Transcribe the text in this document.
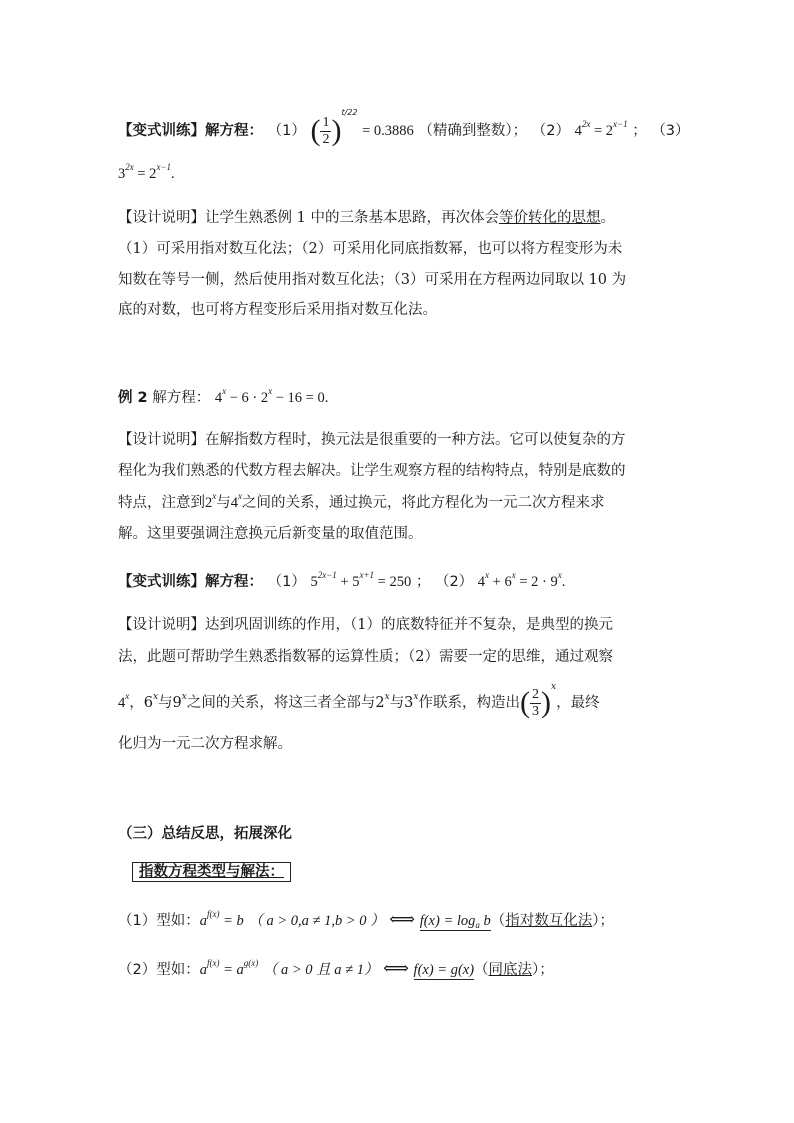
【变式训练】解方程： （1） ( $\frac{1}{2} )^{t/22} = 0.3886$ （精确到整数）； （2） $4^{2x} = 2^{x-1}$ ； （3）
$3^{2x} = 2^{x-1}$.
【设计说明】让学生熟悉例 1 中的三条基本思路，再次体会等价转化的思想。
（1）可采用指对数互化法；（2）可采用化同底指数幂，也可以将方程变形为未
知数在等号一侧，然后使用指对数互化法；（3）可采用在方程两边同取以 10 为
底的对数，也可将方程变形后采用指对数互化法。
例 2 解方程： $4^x - 6 \cdot 2^x - 16 = 0$.
【设计说明】在解指数方程时，换元法是很重要的一种方法。它可以使复杂的方
程化为我们熟悉的代数方程去解决。让学生观察方程的结构特点，特别是底数的
特点，注意到2$^x$与4$^x$之间的关系，通过换元，将此方程化为一元二次方程来求
解。这里要强调注意换元后新变量的取值范围。
【变式训练】解方程： （1） $5^{2x-1} + 5^{x+1} = 250$ ； （2） $4^x + 6^x = 2 \cdot 9^x$.
【设计说明】达到巩固训练的作用，（1）的底数特征并不复杂，是典型的换元
法，此题可帮助学生熟悉指数幂的运算性质；（2）需要一定的思维，通过观察
4$^x$，6$^x$与9$^x$之间的关系，将这三者全部与2$^x$与3$^x$作联系，构造出( $\frac{2}{3} )^x$，最终
化归为一元二次方程求解。
（三）总结反思，拓展深化
指数方程类型与解法：
（1）型如：$a^{f(x)} = b$ （ a > 0,a ≠ 1,b > 0 ） ⟺ $f(x) = \log_a b$（指对数互化法）；
（2）型如：$a^{f(x)} = a^{g(x)}$ （ a > 0 且 a ≠ 1） ⟺ f(x) = g(x)（同底法）；
